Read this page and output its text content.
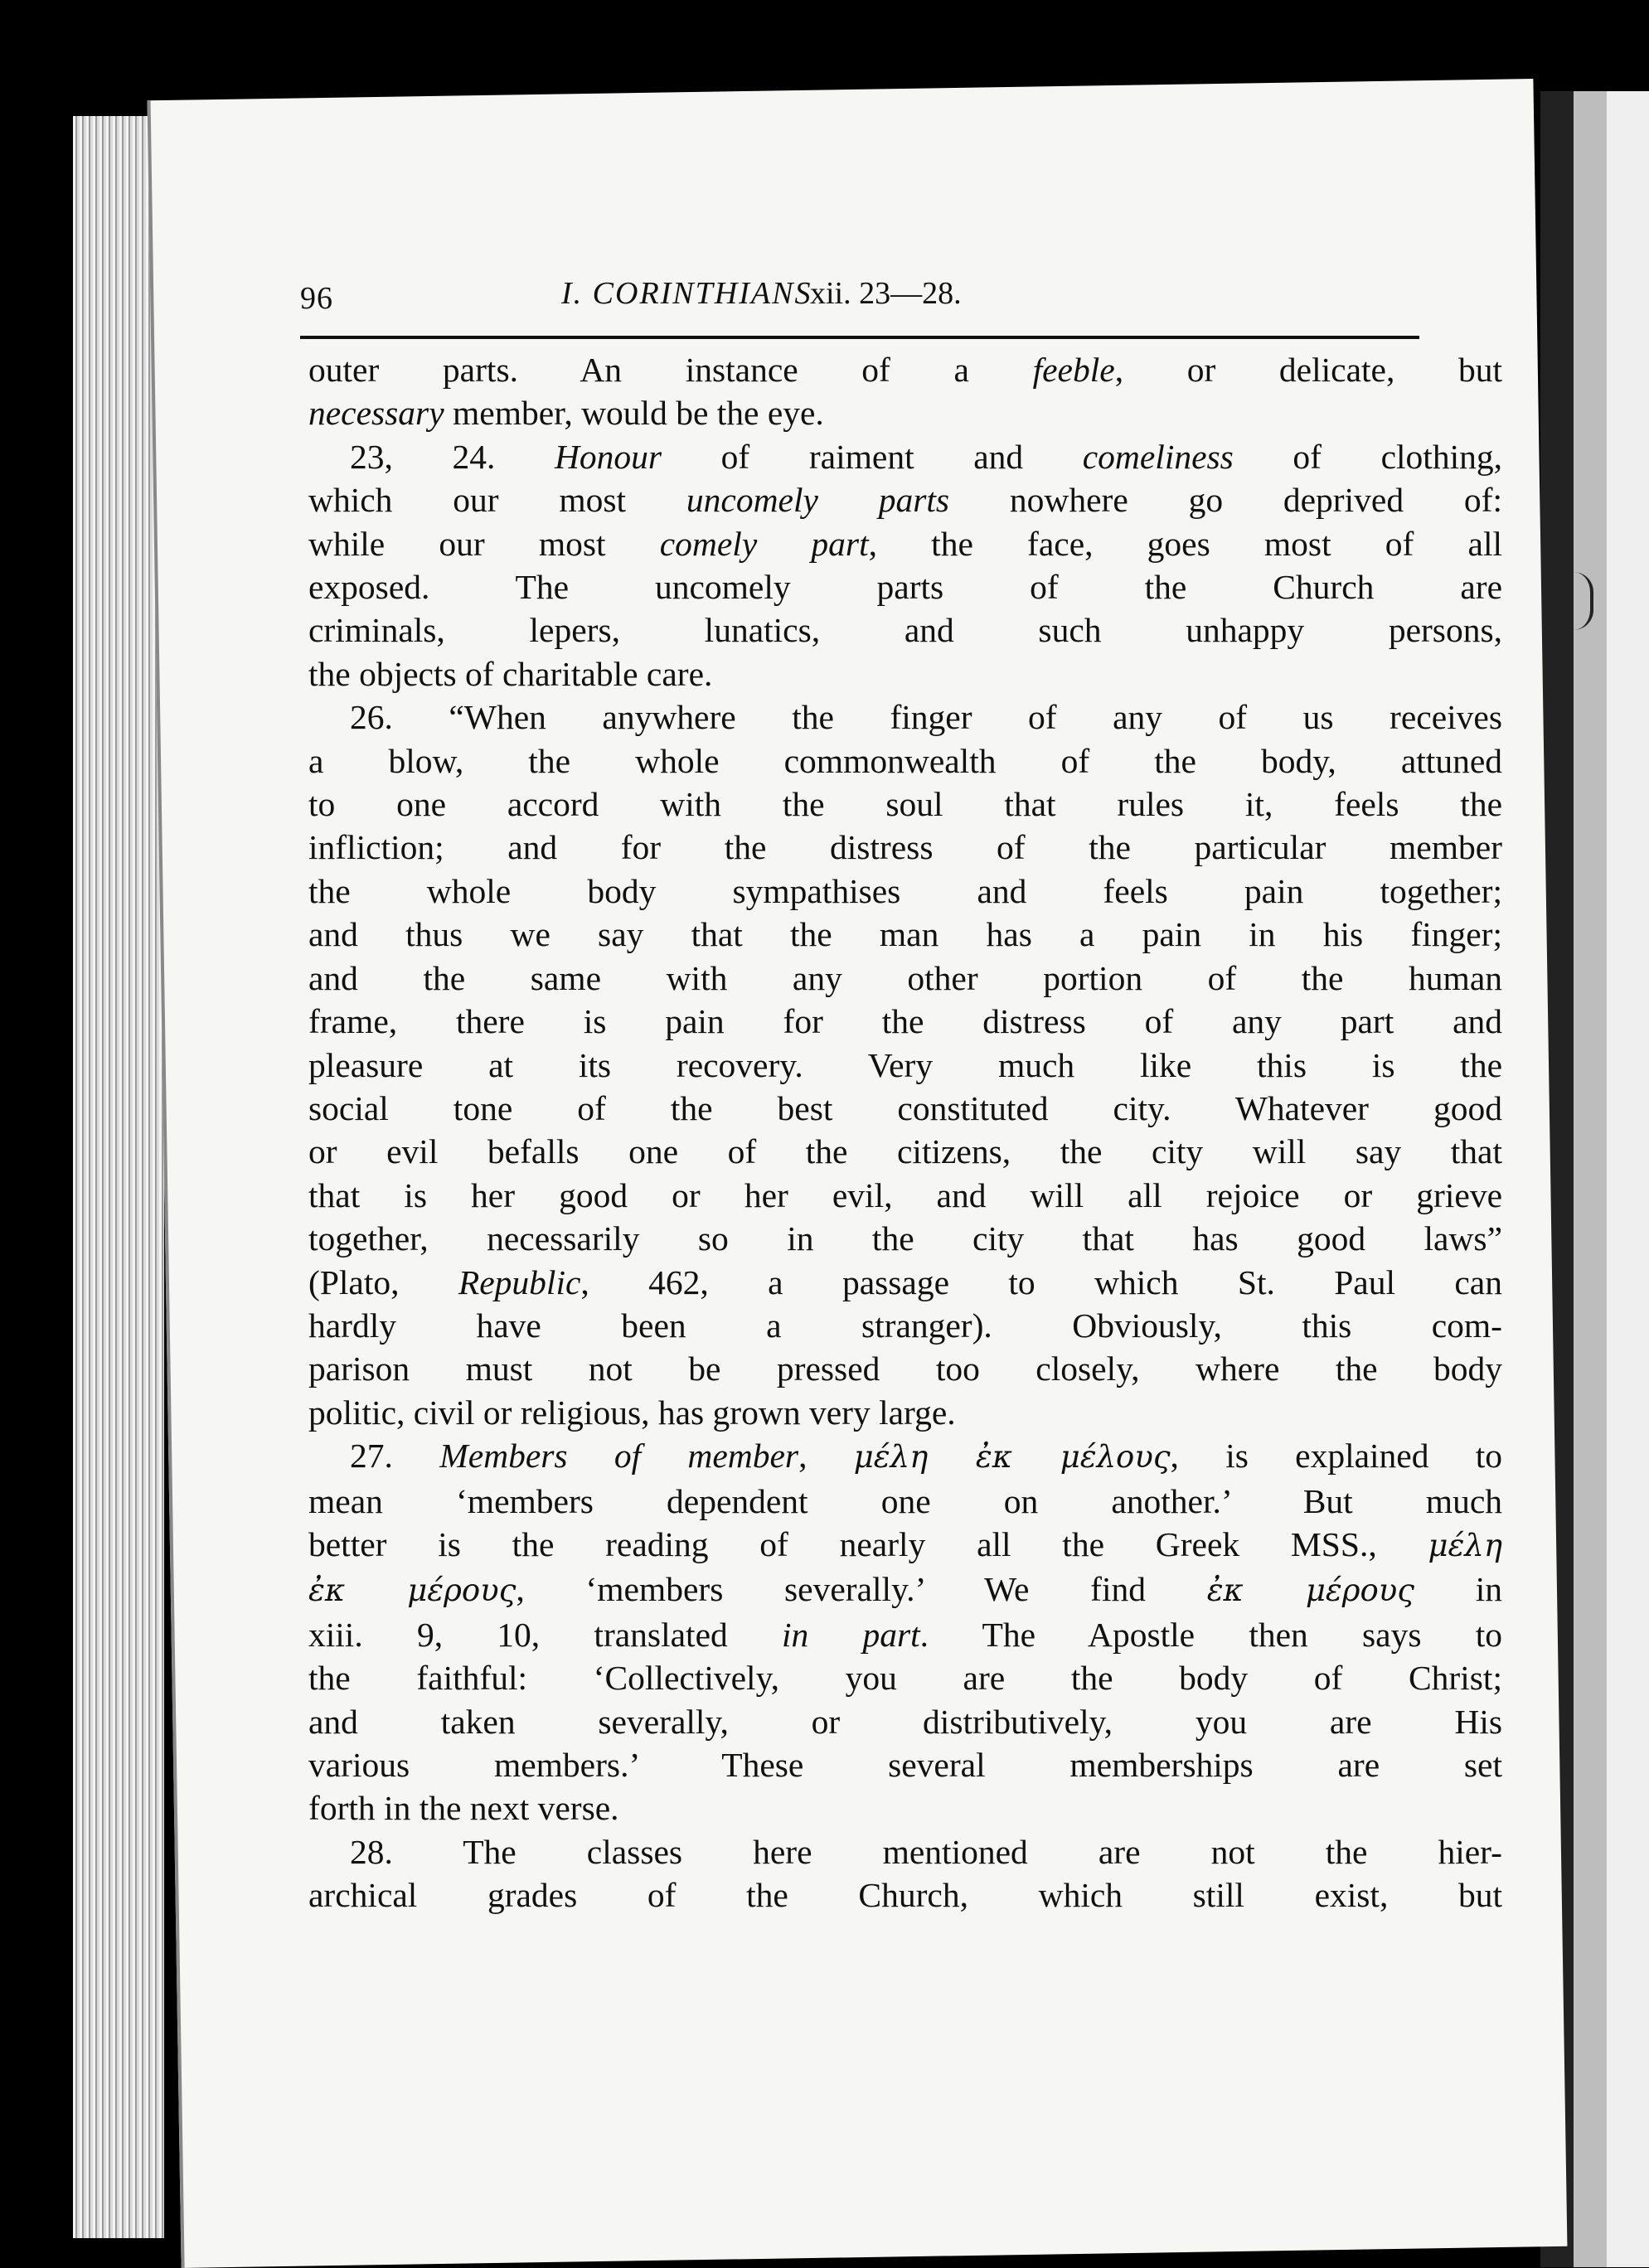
96	I. CORINTHIANS
xii. 23—28.
outer parts. An instance of a feeble, or delicate, but
necessary member, would be the eye.
23, 24. Honour of raiment and comeliness of clothing,
which our most uncomely parts nowhere go deprived of:
while our most comely part, the face, goes most of all
exposed. The uncomely parts of the Church are
criminals, lepers, lunatics, and such unhappy persons,
the objects of charitable care.
26. “When anywhere the finger of any of us receives
a blow, the whole commonwealth of the body, attuned
to one accord with the soul that rules it, feels the
infliction; and for the distress of the particular member
the whole body sympathises and feels pain together;
and thus we say that the man has a pain in his finger;
and the same with any other portion of the human
frame, there is pain for the distress of any part and
pleasure at its recovery. Very much like this is the
social tone of the best constituted city. Whatever good
or evil befalls one of the citizens, the city will say that
that is her good or her evil, and will all rejoice or grieve
together, necessarily so in the city that has good laws”
(Plato, Republic, 462, a passage to which St. Paul can
hardly have been a stranger). Obviously, this com-
parison must not be pressed too closely, where the body
politic, civil or religious, has grown very large.
27. Members of member, μέλη ἐκ μέλους, is explained to
mean ‘members dependent one on another.’ But much
better is the reading of nearly all the Greek MSS., μέλη
ἐκ μέρους, ‘members severally.’ We find ἐκ μέρους in
xiii. 9, 10, translated in part. The Apostle then says to
the faithful: ‘Collectively, you are the body of Christ;
and taken severally, or distributively, you are His
various members.’ These several memberships are set
forth in the next verse.
28. The classes here mentioned are not the hier-
archical grades of the Church, which still exist, but
